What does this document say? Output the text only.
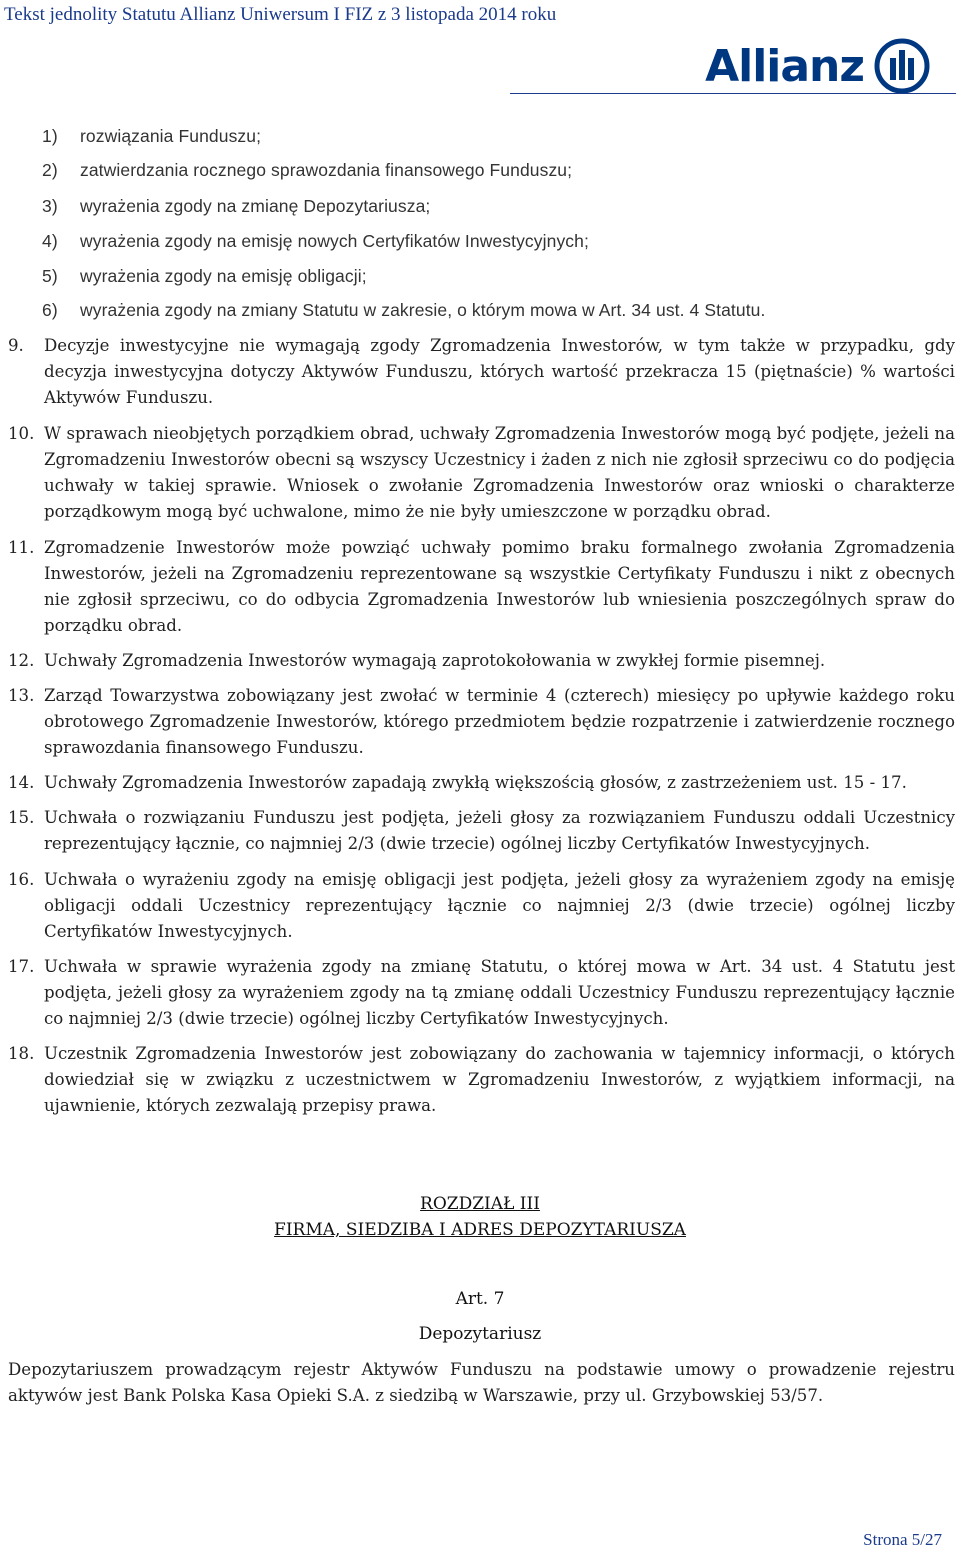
Tekst jednolity Statutu Allianz Uniwersum I FIZ z 3 listopada 2014 roku
Allianz
1) rozwiązania Funduszu;
2) zatwierdzania rocznego sprawozdania finansowego Funduszu;
3) wyrażenia zgody na zmianę Depozytariusza;
4) wyrażenia zgody na emisję nowych Certyfikatów Inwestycyjnych;
5) wyrażenia zgody na emisję obligacji;
6) wyrażenia zgody na zmiany Statutu w zakresie, o którym mowa w Art. 34 ust. 4 Statutu.
9. Decyzje inwestycyjne nie wymagają zgody Zgromadzenia Inwestorów, w tym także w przypadku, gdy decyzja inwestycyjna dotyczy Aktywów Funduszu, których wartość przekracza 15 (piętnaście) % wartości Aktywów Funduszu.
10. W sprawach nieobjętych porządkiem obrad, uchwały Zgromadzenia Inwestorów mogą być podjęte, jeżeli na Zgromadzeniu Inwestorów obecni są wszyscy Uczestnicy i żaden z nich nie zgłosił sprzeciwu co do podjęcia uchwały w takiej sprawie. Wniosek o zwołanie Zgromadzenia Inwestorów oraz wnioski o charakterze porządkowym mogą być uchwalone, mimo że nie były umieszczone w porządku obrad.
11. Zgromadzenie Inwestorów może powziąć uchwały pomimo braku formalnego zwołania Zgromadzenia Inwestorów, jeżeli na Zgromadzeniu reprezentowane są wszystkie Certyfikaty Funduszu i nikt z obecnych nie zgłosił sprzeciwu, co do odbycia Zgromadzenia Inwestorów lub wniesienia poszczególnych spraw do porządku obrad.
12. Uchwały Zgromadzenia Inwestorów wymagają zaprotokołowania w zwykłej formie pisemnej.
13. Zarząd Towarzystwa zobowiązany jest zwołać w terminie 4 (czterech) miesięcy po upływie każdego roku obrotowego Zgromadzenie Inwestorów, którego przedmiotem będzie rozpatrzenie i zatwierdzenie rocznego sprawozdania finansowego Funduszu.
14. Uchwały Zgromadzenia Inwestorów zapadają zwykłą większością głosów, z zastrzeżeniem ust. 15 - 17.
15. Uchwała o rozwiązaniu Funduszu jest podjęta, jeżeli głosy za rozwiązaniem Funduszu oddali Uczestnicy reprezentujący łącznie, co najmniej 2/3 (dwie trzecie) ogólnej liczby Certyfikatów Inwestycyjnych.
16. Uchwała o wyrażeniu zgody na emisję obligacji jest podjęta, jeżeli głosy za wyrażeniem zgody na emisję obligacji oddali Uczestnicy reprezentujący łącznie co najmniej 2/3 (dwie trzecie) ogólnej liczby Certyfikatów Inwestycyjnych.
17. Uchwała w sprawie wyrażenia zgody na zmianę Statutu, o której mowa w Art. 34 ust. 4 Statutu jest podjęta, jeżeli głosy za wyrażeniem zgody na tą zmianę oddali Uczestnicy Funduszu reprezentujący łącznie co najmniej 2/3 (dwie trzecie) ogólnej liczby Certyfikatów Inwestycyjnych.
18. Uczestnik Zgromadzenia Inwestorów jest zobowiązany do zachowania w tajemnicy informacji, o których dowiedział się w związku z uczestnictwem w Zgromadzeniu Inwestorów, z wyjątkiem informacji, na ujawnienie, których zezwalają przepisy prawa.
ROZDZIAŁ III
FIRMA, SIEDZIBA I ADRES DEPOZYTARIUSZA
Art. 7
Depozytariusz
Depozytariuszem prowadzącym rejestr Aktywów Funduszu na podstawie umowy o prowadzenie rejestru aktywów jest Bank Polska Kasa Opieki S.A. z siedzibą w Warszawie, przy ul. Grzybowskiej 53/57.
Strona 5/27
